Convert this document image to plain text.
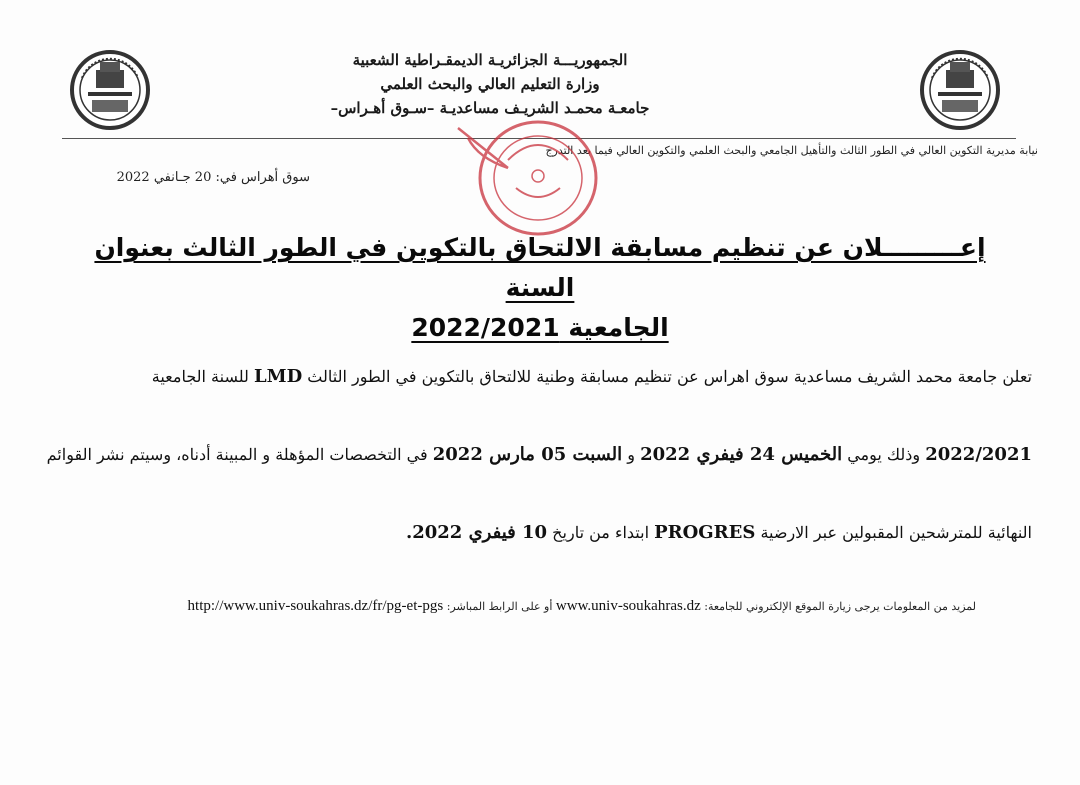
الجمهوريـــة الجزائريـة الديمقـراطية الشعبية
وزارة التعليم العالي والبحث العلمي
جامعـة محمـد الشريـف مساعديـة –سـوق أهـراس–
نيابة مديرية التكوين العالي في الطور الثالث والتأهيل الجامعي والبحث العلمي والتكوين العالي فيما بعد التدرج
سوق أهراس في: 20 جـانفي 2022
إعـــــــــلان عن تنظيم مسابقة الالتحاق بالتكوين في الطور الثالث بعنوان السنة
الجامعية 2022/2021
تعلن جامعة محمد الشريف مساعدية سوق اهراس عن تنظيم مسابقة وطنية للالتحاق بالتكوين في الطور الثالث LMD للسنة الجامعية
2022/2021 وذلك يومي الخميس 24 فيفري 2022 و السبت 05 مارس 2022 في التخصصات المؤهلة و المبينة أدناه، وسيتم نشر القوائم
النهائية للمترشحين المقبولين عبر الارضية PROGRES ابتداء من تاريخ 10 فيفري 2022.
لمزيد من المعلومات يرجى زيارة الموقع الإلكتروني للجامعة: www.univ-soukahras.dz أو على الرابط المباشر: http://www.univ-soukahras.dz/fr/pg-et-pgs
